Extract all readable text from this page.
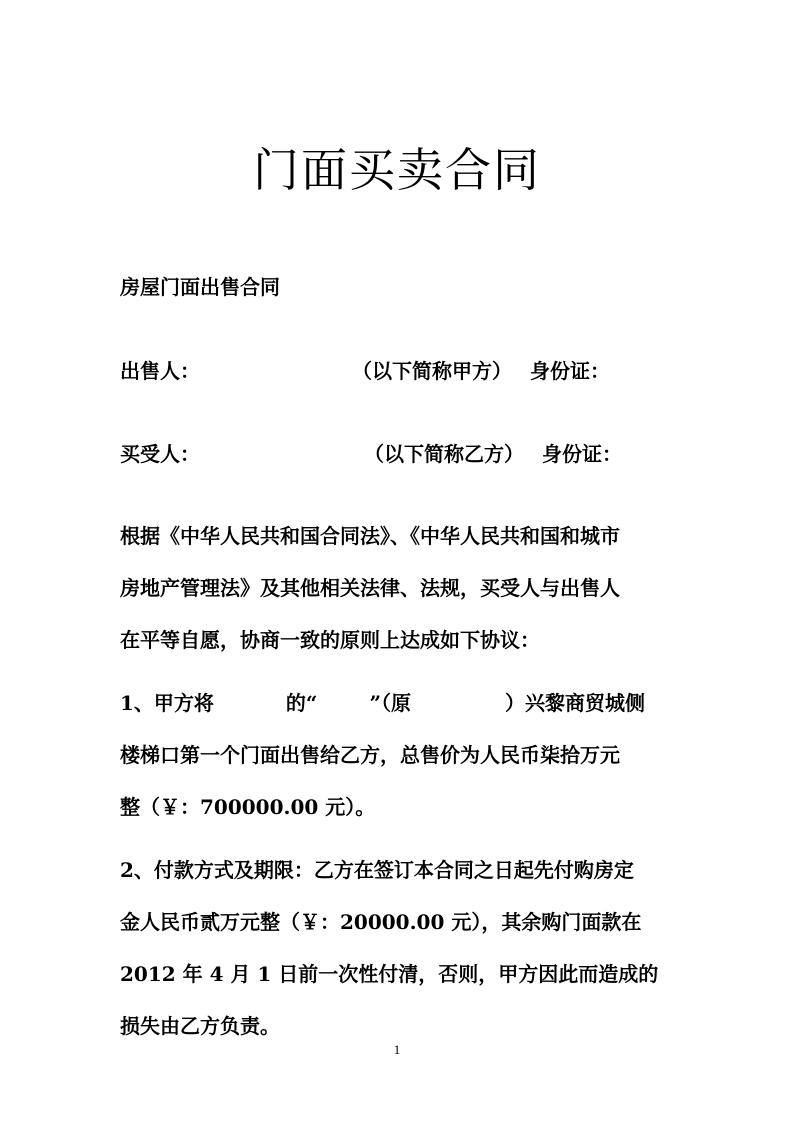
门面买卖合同
房屋门面出售合同
出售人：	（以下简称甲方） 身份证：
买受人：	（以下简称乙方） 身份证：
根据《中华人民共和国合同法》、《中华人民共和国和城市
房地产管理法》及其他相关法律、法规，买受人与出售人
在平等自愿，协商一致的原则上达成如下协议：
1、甲方将	的“	”（原	）兴黎商贸城侧
楼梯口第一个门面出售给乙方，总售价为人民币柒拾万元
整（￥：700000.00 元）。
2、付款方式及期限：乙方在签订本合同之日起先付购房定
金人民币贰万元整（￥：20000.00 元），其余购门面款在
2012 年 4 月 1 日前一次性付清，否则，甲方因此而造成的
损失由乙方负责。
1
